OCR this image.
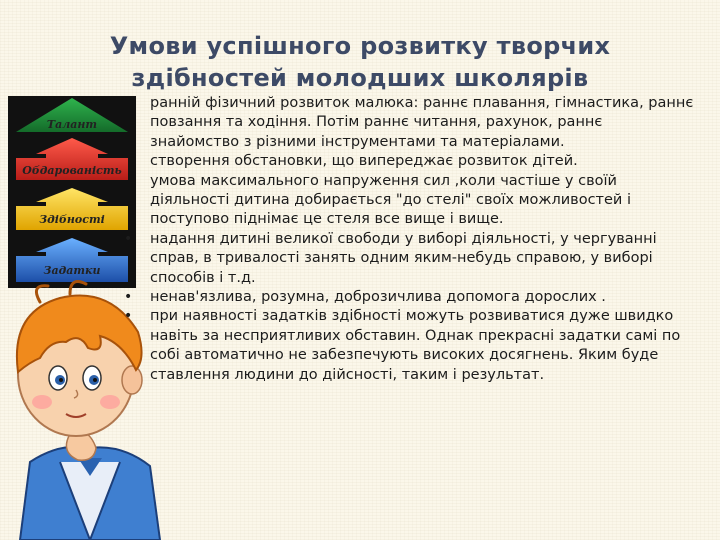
Умови успішного розвитку творчих
здібностей молодших школярів
Талант
Обдарованість
Здібності
Задатки

ранній фізичний розвиток малюка: раннє плавання, гімнастика, раннє повзання та ходіння. Потім раннє читання, рахунок, раннє знайомство з різними інструментами та матеріалами.

створення обстановки, що випереджає розвиток дітей.

умова максимального напруження сил ,коли частіше у своїй діяльності дитина добирається "до стелі" своїх можливостей і поступово піднімає це стеля все вище і вище.

•	надання дитині великої свободи у виборі діяльності, у чергуванні справ, в тривалості занять одним яким-небудь справою, у виборі способів і т.д.

•	ненав'язлива, розумна, доброзичлива допомога дорослих .

•	при наявності задатків здібності можуть розвиватися дуже швидко навіть за несприятливих обставин. Однак прекрасні задатки самі по собі автоматично не забезпечують високих досягнень. Яким буде ставлення людини до дійсності, таким і результат.
